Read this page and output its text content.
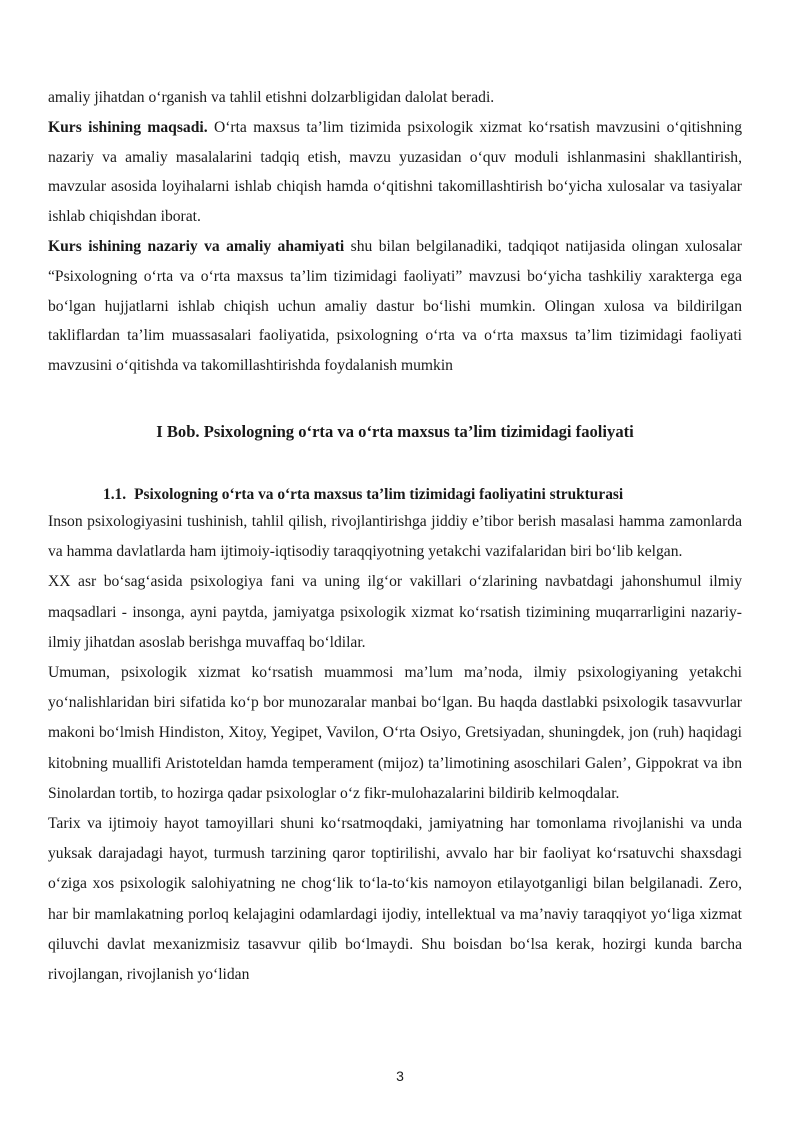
amaliy jihatdan o‘rganish va tahlil etishni dolzarbligidan dalolat beradi.

Kurs ishining maqsadi. O‘rta maxsus ta’lim tizimida psixologik xizmat ko‘rsatish mavzusini o‘qitishning nazariy va amaliy masalalarini tadqiq etish, mavzu yuzasidan o‘quv moduli ishlanmasini shakllantirish, mavzular asosida loyihalarni ishlab chiqish hamda o‘qitishni takomillashtirish bo‘yicha xulosalar va tasiyalar ishlab chiqishdan iborat.

Kurs ishining nazariy va amaliy ahamiyati shu bilan belgilanadiki, tadqiqot natijasida olingan xulosalar “Psixologning o‘rta va o‘rta maxsus ta’lim tizimidagi faoliyati” mavzusi bo‘yicha tashkiliy xarakterga ega bo‘lgan hujjatlarni ishlab chiqish uchun amaliy dastur bo‘lishi mumkin. Olingan xulosa va bildirilgan takliflardan ta’lim muassasalari faoliyatida, psixologning o‘rta va o‘rta maxsus ta’lim tizimidagi faoliyati mavzusini o‘qitishda va takomillashtirishda foydalanish mumkin

I Bob. Psixologning o‘rta va o‘rta maxsus ta’lim tizimidagi faoliyati
1.1. Psixologning o‘rta va o‘rta maxsus ta’lim tizimidagi faoliyatini strukturasi

Inson psixologiyasini tushinish, tahlil qilish, rivojlantirishga jiddiy e’tibor berish masalasi hamma zamonlarda va hamma davlatlarda ham ijtimoiy-iqtisodiy taraqqiyotning yetakchi vazifalaridan biri bo‘lib kelgan.

XX asr bo‘sag‘asida psixologiya fani va uning ilg‘or vakillari o‘zlarining navbatdagi jahonshumul ilmiy maqsadlari - insonga, ayni paytda, jamiyatga psixologik xizmat ko‘rsatish tizimining muqarrarligini nazariy-ilmiy jihatdan asoslab berishga muvaffaq bo‘ldilar.

Umuman, psixologik xizmat ko‘rsatish muammosi ma’lum ma’noda, ilmiy psixologiyaning yetakchi yo‘nalishlaridan biri sifatida ko‘p bor munozaralar manbai bo‘lgan. Bu haqda dastlabki psixologik tasavvurlar makoni bo‘lmish Hindiston, Xitoy, Yegipet, Vavilon, O‘rta Osiyo, Gretsiyadan, shuningdek, jon (ruh) haqidagi kitobning muallifi Aristoteldan hamda temperament (mijoz) ta’limotining asoschilari Galen’, Gippokrat va ibn Sinolardan tortib, to hozirga qadar psixologlar o‘z fikr-mulohazalarini bildirib kelmoqdalar.

Tarix va ijtimoiy hayot tamoyillari shuni ko‘rsatmoqdaki, jamiyatning har tomonlama rivojlanishi va unda yuksak darajadagi hayot, turmush tarzining qaror toptirilishi, avvalo har bir faoliyat ko‘rsatuvchi shaxsdagi o‘ziga xos psixologik salohiyatning ne chog‘lik to‘la-to‘kis namoyon etilayotganligi bilan belgilanadi. Zero, har bir mamlakatning porloq kelajagini odamlardagi ijodiy, intellektual va ma’naviy taraqqiyot yo‘liga xizmat qiluvchi davlat mexanizmisiz tasavvur qilib bo‘lmaydi. Shu boisdan bo‘lsa kerak, hozirgi kunda barcha rivojlangan, rivojlanish yo‘lidan

3
